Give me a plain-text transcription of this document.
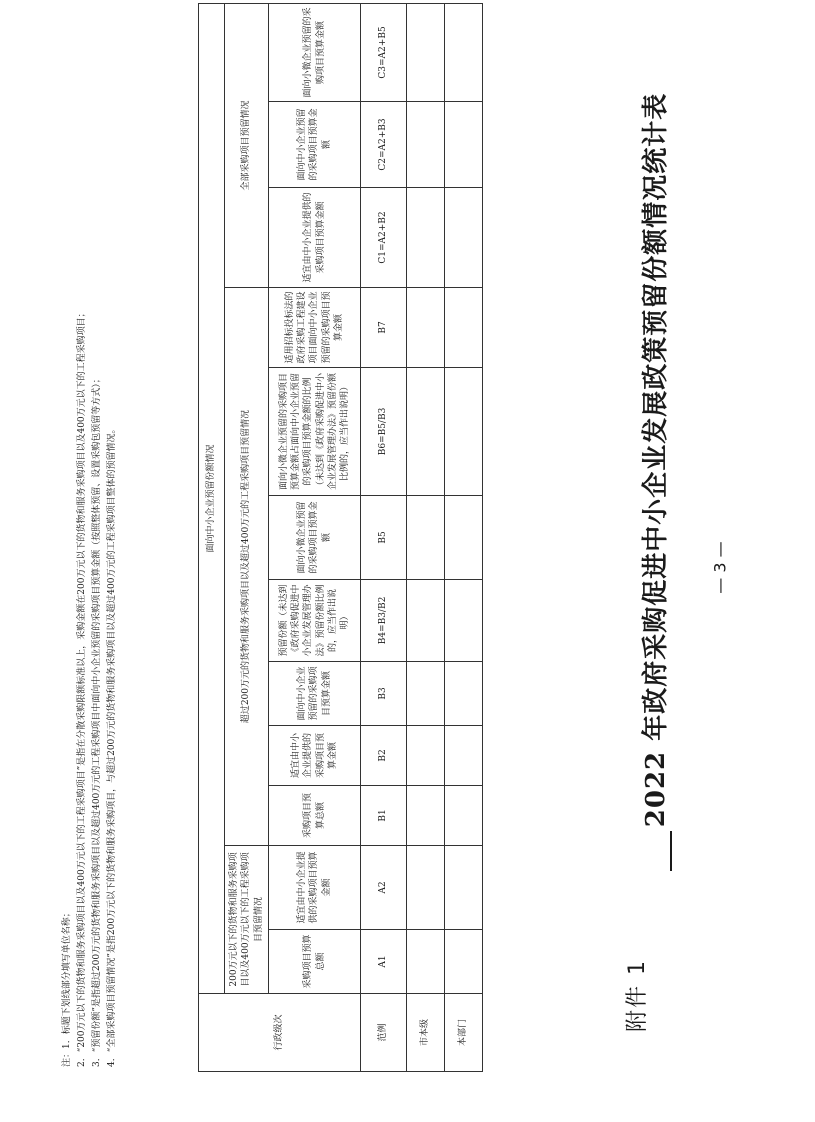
附件 1
2022 年政府采购促进中小企业发展政策预留份额情况统计表
行政级次	面向中小企业预留份额情况											
	200万元以下的货物和服务采购项目以及400万元以下的工程采购项目预留情况		超过200万元的货物和服务采购项目以及超过400万元的工程采购项目预留情况							全部采购项目预留情况		
	采购项目预算总额	适宜由中小企业提供的采购项目预算金额	采购项目预算总额	适宜由中小企业提供的采购项目预算金额	面向中小企业预留的采购项目预算金额	预留份额（未达到《政府采购促进中小企业发展管理办法》预留份额比例的，应当作出说明）	面向小微企业预留的采购项目预算金额	面向小微企业预留的采购项目预算金额占面向中小企业预留的采购项目预算金额的比例（未达到《政府采购促进中小企业发展管理办法》预留份额比例的，应当作出说明）	适用招标投标法的政府采购工程建设项目面向中小企业预留的采购项目预算金额	适宜由中小企业提供的采购项目预算金额	面向中小企业预留的采购项目预算金额	面向小微企业预留的采购项目预算金额
范例	A1	A2	B1	B2	B3	B4=B3/B2	B5	B6=B5/B3	B7	C1=A2+B2	C2=A2+B3	C3=A2+B5
市本级												
本部门												
注：1．标题下划线部分填写单位名称； 2．“200万元以下的货物和服务采购项目以及400万元以下的工程采购项目”是指在分散采购限额标准以上，采购金额在200万元以下的货物和服务采购项目以及400万元以下的工程采购项目； 3．“预留份额”是指超过200万元的货物和服务采购项目以及超过400万元的工程采购项目中面向中小企业预留的采购项目预算金额（按照整体预留、设置采购包预留等方式）； 4．“全部采购项目预留情况”是指200万元以下的货物和服务采购项目，与超过200万元的货物和服务采购项目以及超过400万元的工程采购项目整体的预留情况。	— 3 —
